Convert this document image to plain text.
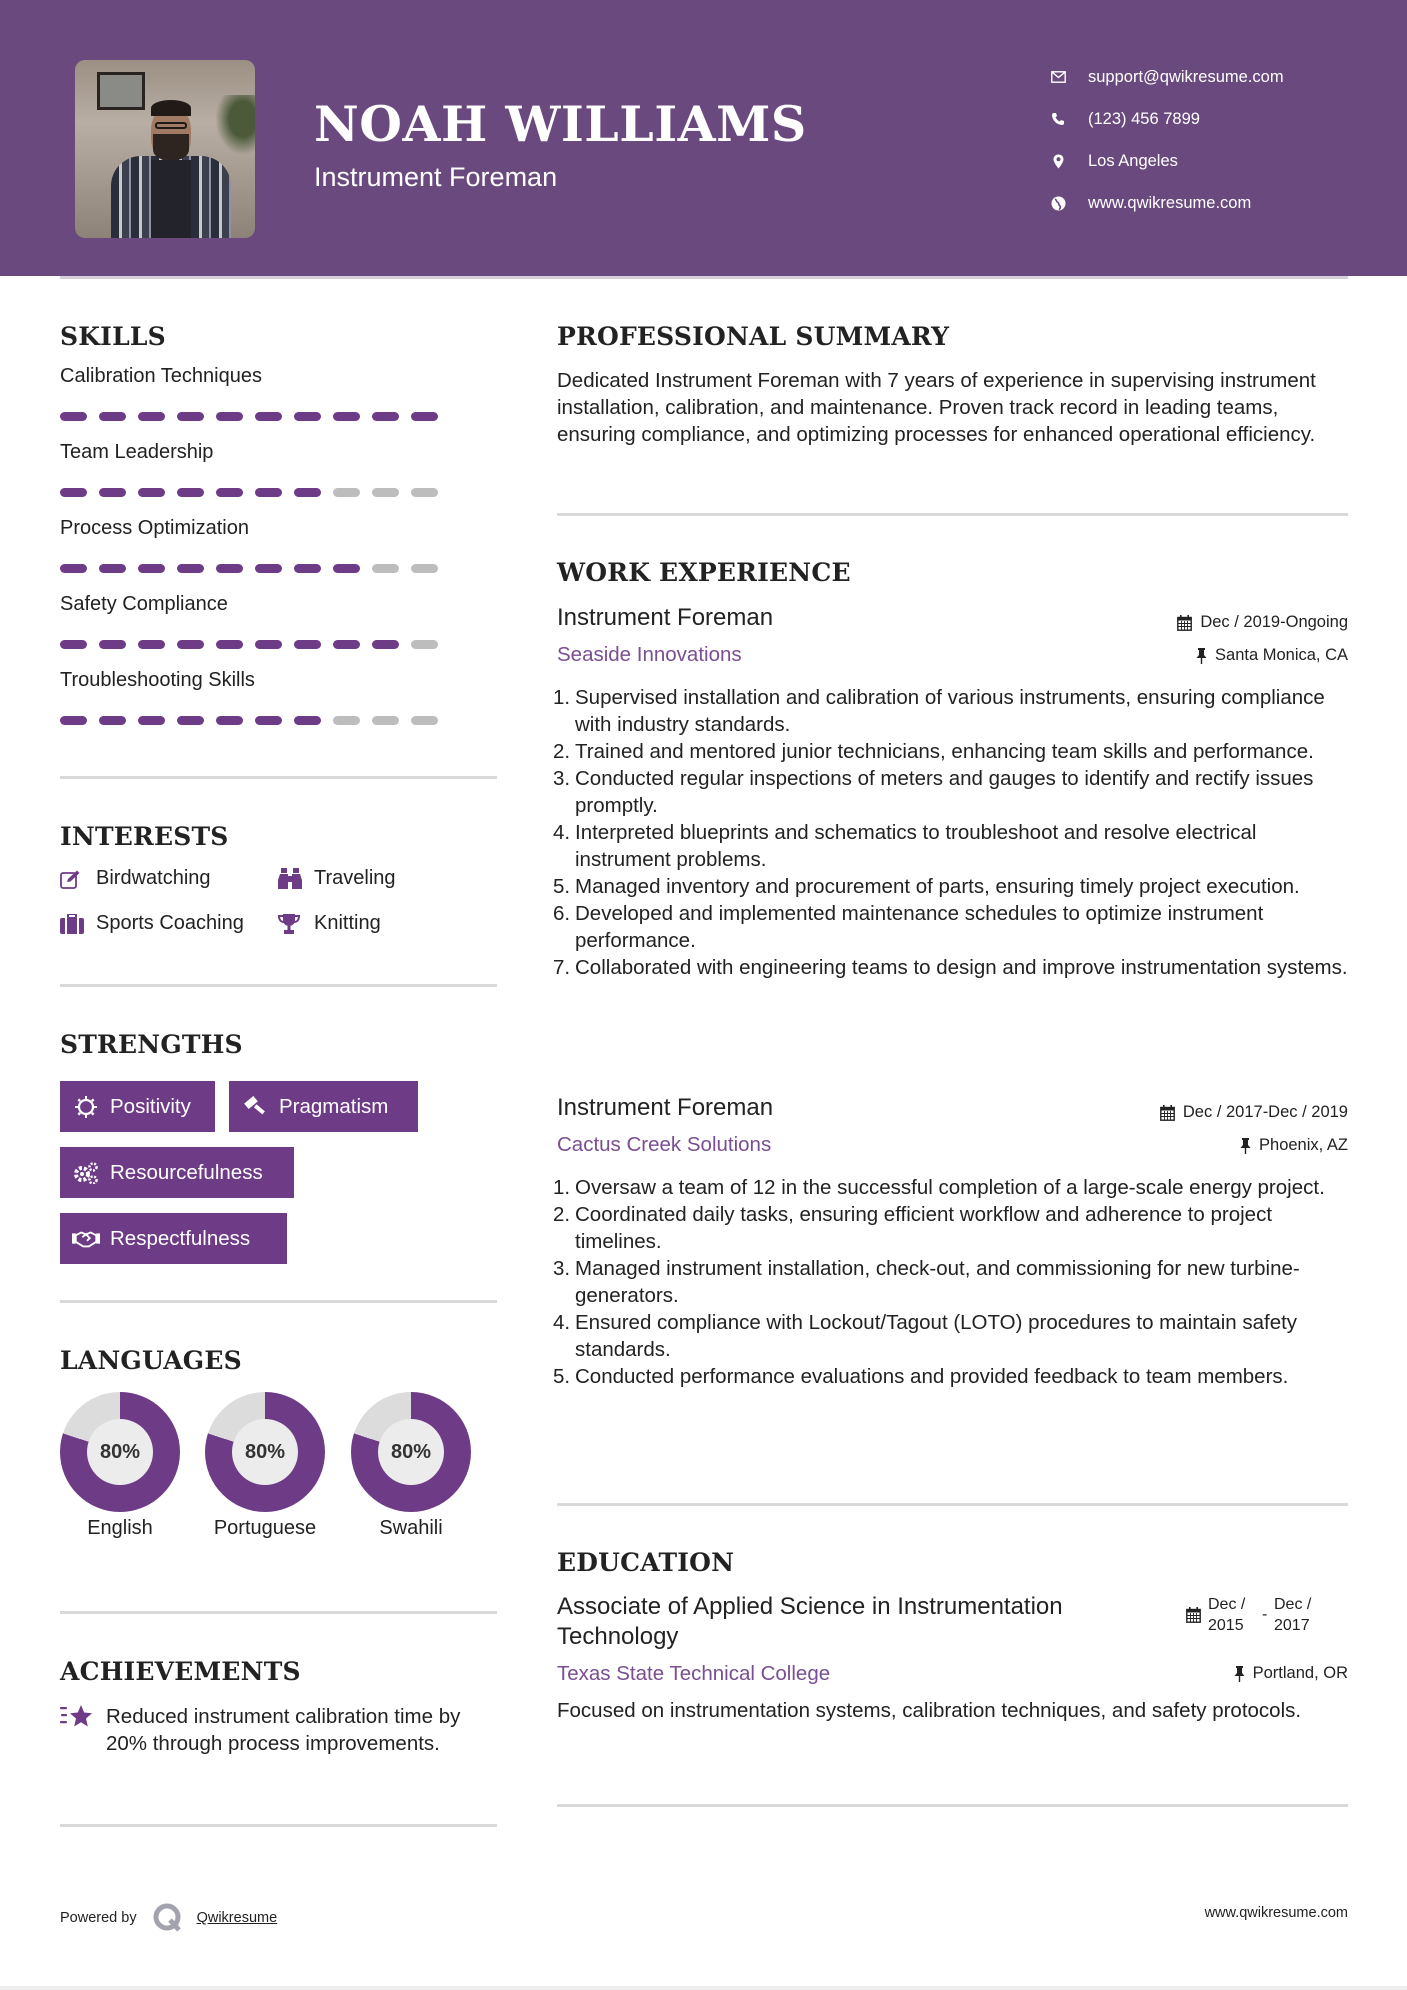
NOAH WILLIAMS
Instrument Foreman
support@qwikresume.com
(123) 456 7899
Los Angeles
www.qwikresume.com
SKILLS
Calibration Techniques
Team Leadership
Process Optimization
Safety Compliance
Troubleshooting Skills
INTERESTS
Birdwatching	Traveling
Sports Coaching	Knitting
STRENGTHS
Positivity	Pragmatism
Resourcefulness
Respectfulness
LANGUAGES
80%
English
80%
Portuguese
80%
Swahili
ACHIEVEMENTS
Reduced instrument calibration time by 20% through process improvements.
PROFESSIONAL SUMMARY
Dedicated Instrument Foreman with 7 years of experience in supervising instrument installation, calibration, and maintenance. Proven track record in leading teams, ensuring compliance, and optimizing processes for enhanced operational efficiency.
WORK EXPERIENCE
Instrument Foreman	Dec / 2019-Ongoing
Seaside Innovations	Santa Monica, CA
Supervised installation and calibration of various instruments, ensuring compliance with industry standards.
Trained and mentored junior technicians, enhancing team skills and performance.
Conducted regular inspections of meters and gauges to identify and rectify issues promptly.
Interpreted blueprints and schematics to troubleshoot and resolve electrical instrument problems.
Managed inventory and procurement of parts, ensuring timely project execution.
Developed and implemented maintenance schedules to optimize instrument performance.
Collaborated with engineering teams to design and improve instrumentation systems.
Instrument Foreman	Dec / 2017-Dec / 2019
Cactus Creek Solutions	Phoenix, AZ
Oversaw a team of 12 in the successful completion of a large-scale energy project.
Coordinated daily tasks, ensuring efficient workflow and adherence to project timelines.
Managed instrument installation, check-out, and commissioning for new turbine-generators.
Ensured compliance with Lockout/Tagout (LOTO) procedures to maintain safety standards.
Conducted performance evaluations and provided feedback to team members.
EDUCATION
Associate of Applied Science in Instrumentation Technology
Dec / 2015
-
Dec / 2017
Texas State Technical College	Portland, OR
Focused on instrumentation systems, calibration techniques, and safety protocols.
Powered by	Qwikresume	www.qwikresume.com
